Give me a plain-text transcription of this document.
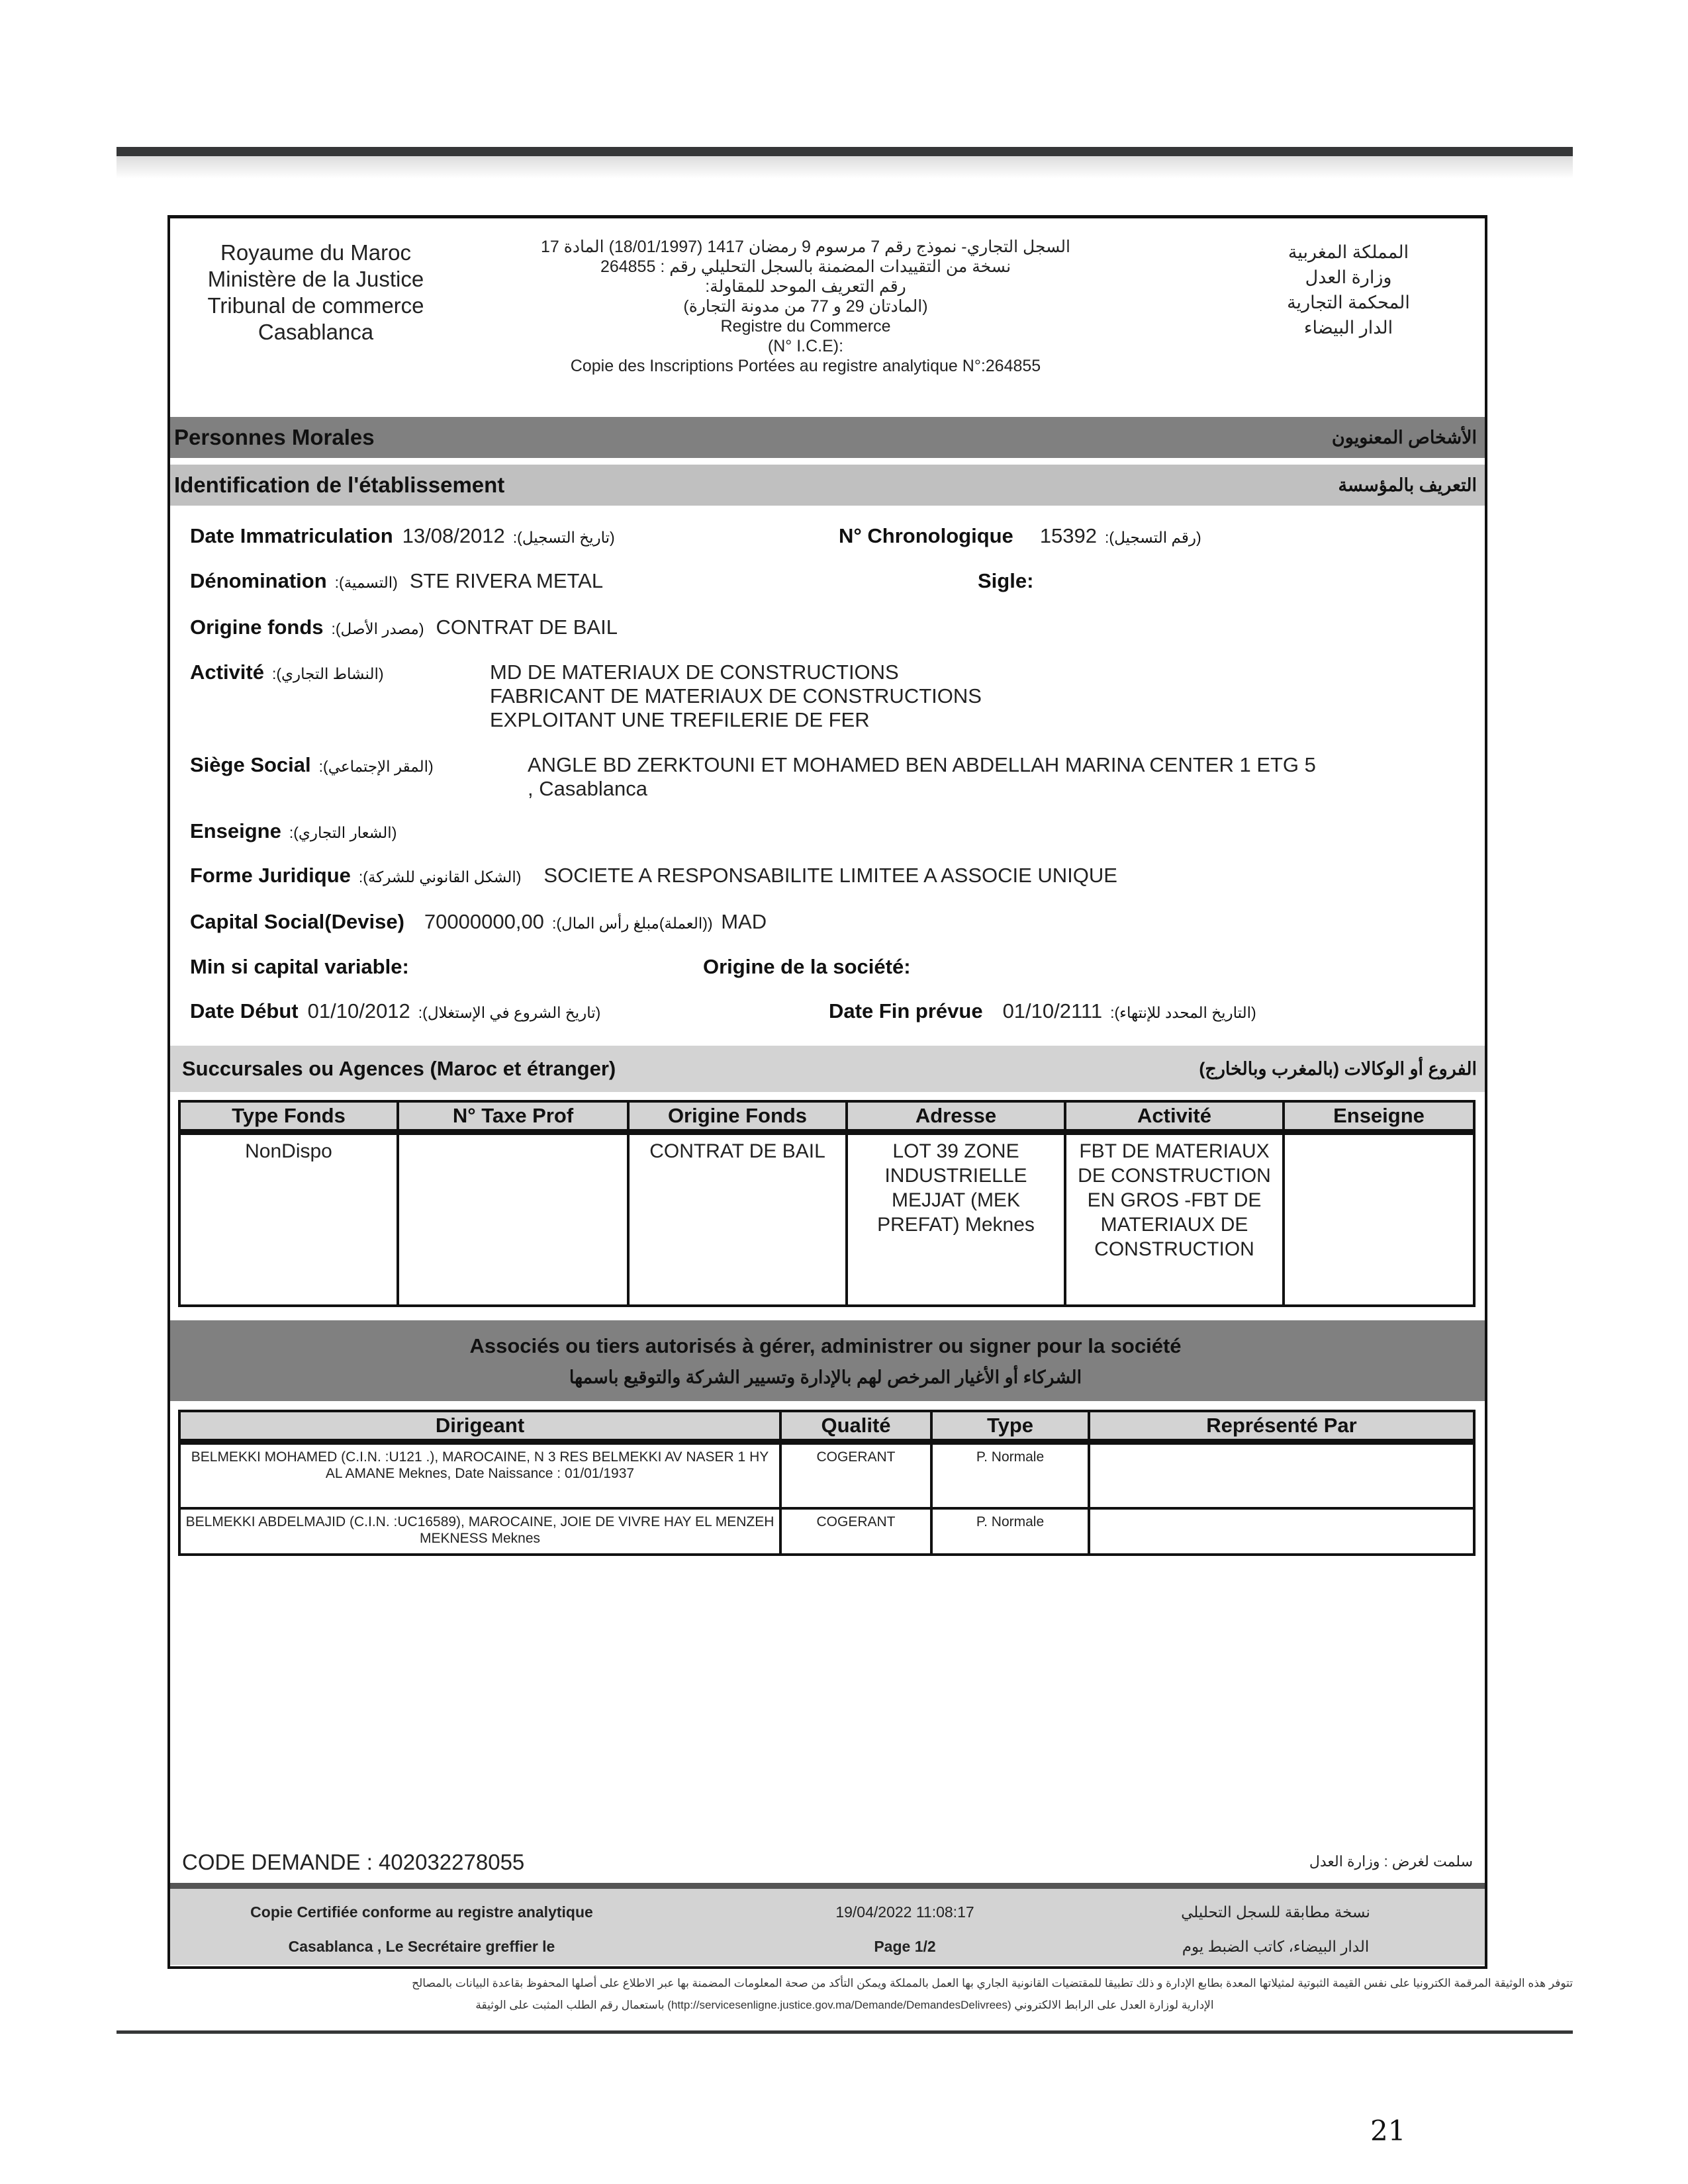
Royaume du Maroc
Ministère de la Justice
Tribunal de commerce
Casablanca
السجل التجاري- نموذج رقم 7 مرسوم 9 رمضان 1417 (18/01/1997) المادة 17
نسخة من التقييدات المضمنة بالسجل التحليلي رقم : 264855
رقم التعريف الموحد للمقاولة:
(المادتان 29 و 77 من مدونة التجارة)
Registre du Commerce
(N° I.C.E):
Copie des Inscriptions Portées au registre analytique N°:264855
المملكة المغربية
وزارة العدل
المحكمة التجارية
الدار البيضاء
Personnes Morales	الأشخاص المعنويون
Identification de l'établissement	التعريف بالمؤسسة
Date Immatriculation	(تاريخ التسجيل):13/08/2012	N° Chronologique	(رقم التسجيل):15392
Dénomination (التسمية): STE RIVERA METAL	Sigle:
Origine fonds (مصدر الأصل): CONTRAT DE BAIL
Activité (النشاط التجاري):	MD DE MATERIAUX DE CONSTRUCTIONS
FABRICANT DE MATERIAUX DE CONSTRUCTIONS
EXPLOITANT UNE TREFILERIE DE FER
Siège Social (المقر الإجتماعي):	ANGLE BD ZERKTOUNI ET MOHAMED BEN ABDELLAH MARINA CENTER 1 ETG 5
, Casablanca
Enseigne (الشعار التجاري):
Forme Juridique (الشكل القانوني للشركة): SOCIETE A RESPONSABILITE LIMITEE A ASSOCIE UNIQUE
Capital Social(Devise)	((العملة)مبلغ رأس المال):70000000,00 MAD
Min si capital variable:	Origine de la société:
Date Début	(تاريخ الشروع في الإستغلال):01/10/2012	Date Fin prévue	(التاريخ المحدد للإنتهاء):01/10/2111
Succursales ou Agences (Maroc et étranger)	الفروع أو الوكالات (بالمغرب وبالخارج)
Type Fonds	N° Taxe Prof	Origine Fonds	Adresse	Activité	Enseigne
NonDispo		CONTRAT DE BAIL	LOT 39 ZONE INDUSTRIELLE MEJJAT (MEK PREFAT) Meknes	FBT DE MATERIAUX DE CONSTRUCTION EN GROS -FBT DE MATERIAUX DE CONSTRUCTION	
Associés ou tiers autorisés à gérer, administrer ou signer pour la société
الشركاء أو الأغيار المرخص لهم بالإدارة وتسيير الشركة والتوقيع باسمها
Dirigeant	Qualité	Type	Représenté Par
BELMEKKI MOHAMED (C.I.N. :U121 .), MAROCAINE, N 3 RES BELMEKKI AV NASER 1 HY AL AMANE Meknes, Date Naissance : 01/01/1937	COGERANT	P. Normale	
BELMEKKI ABDELMAJID (C.I.N. :UC16589), MAROCAINE, JOIE DE VIVRE HAY EL MENZEH MEKNESS Meknes	COGERANT	P. Normale	
CODE DEMANDE : 402032278055	سلمت لغرض : وزارة العدل
Copie Certifiée conforme au registre analytique	19/04/2022 11:08:17	نسخة مطابقة للسجل التحليلي
Casablanca , Le Secrétaire greffier le	Page 1/2	الدار البيضاء، كاتب الضبط يوم
تتوفر هذه الوثيقة المرقمة الكترونيا على نفس القيمة الثبوتية لمثيلاتها المعدة بطابع الإدارة و ذلك تطبيقا للمقتضيات القانونية الجاري بها العمل بالمملكة ويمكن التأكد من صحة المعلومات المضمنة بها عبر الاطلاع على أصلها المحفوظ بقاعدة البيانات بالمصالح
الإدارية لوزارة العدل على الرابط الالكتروني (http://servicesenligne.justice.gov.ma/Demande/DemandesDelivrees) باستعمال رقم الطلب المثبت على الوثيقة
21
